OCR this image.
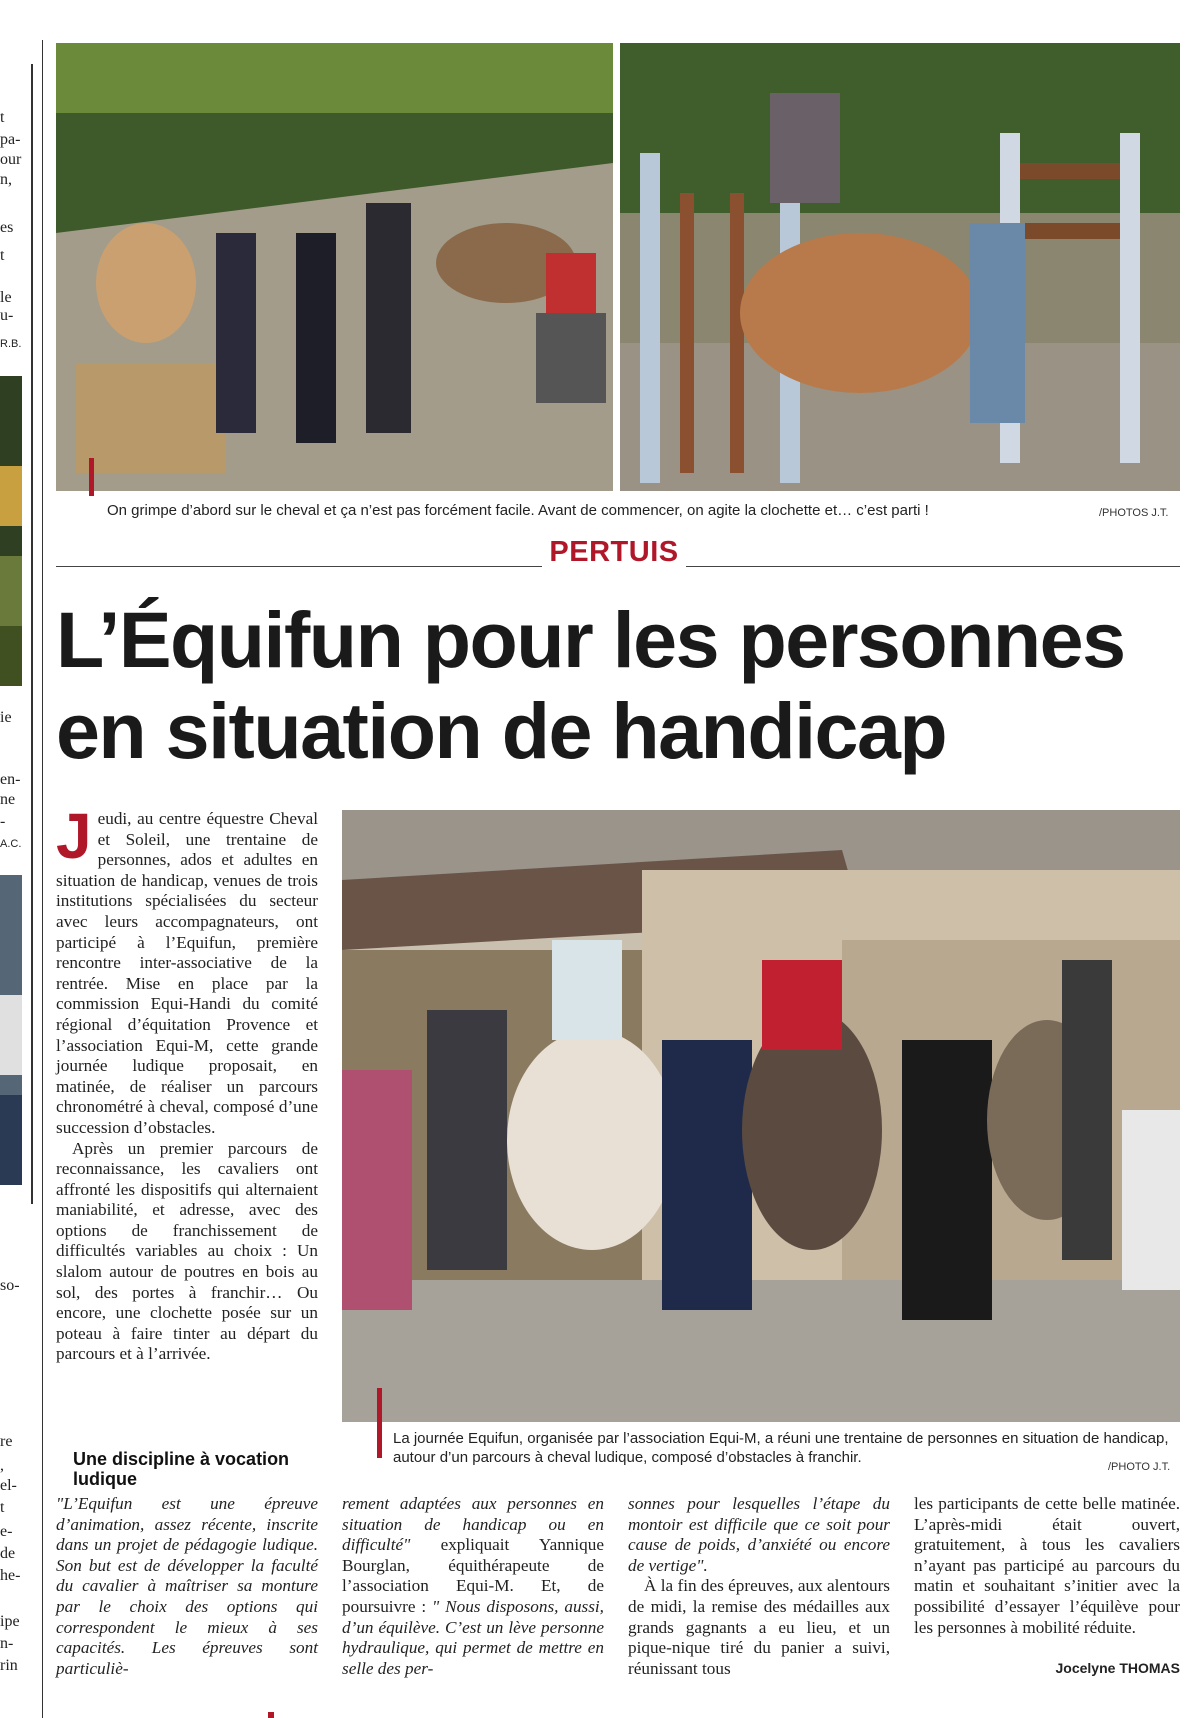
t
pa-
our
n,
es
t
le
u-
R.B.
ie
en-
ne
-
A.C.
so-
re
,
el-
t
e-
de
he-
ipe
n-
rin
On grimpe d’abord sur le cheval et ça n’est pas forcément facile. Avant de commencer, on agite la clochette et… c’est parti !	/PHOTOS J.T.
PERTUIS
L’Équifun pour les personnes
en situation de handicap
La journée Equifun, organisée par l’association Equi-M, a réuni une trentaine de personnes en situation de handicap, autour d’un parcours à cheval ludique, composé d’obstacles à franchir.
/PHOTO J.T.

Jeudi, au centre équestre Cheval et Soleil, une trentaine de personnes, ados et adultes en situation de handicap, venues de trois institutions spécialisées du secteur avec leurs accompagnateurs, ont participé à l’Equifun, première rencontre inter-associative de la rentrée. Mise en place par la commission Equi-Handi du comité régional d’équitation Provence et l’association Equi-M, cette grande journée ludique proposait, en matinée, de réaliser un parcours chronométré à cheval, composé d’une succession d’obstacles.

Après un premier parcours de reconnaissance, les cavaliers ont affronté les dispositifs qui alternaient maniabilité, et adresse, avec des options de franchissement de difficultés variables au choix : Un slalom autour de poutres en bois au sol, des portes à franchir… Ou encore, une clochette posée sur un poteau à faire tinter au départ du parcours et à l’arrivée.

Une discipline à vocation ludique
"L’Equifun est une épreuve d’animation, assez récente, inscrite dans un projet de pédagogie ludique. Son but est de développer la faculté du cavalier à maîtriser sa monture par le choix des options qui correspondent le mieux à ses capacités. Les épreuves sont particuliè-
rement adaptées aux personnes en situation de handicap ou en difficulté" expliquait Yannique Bourglan, équithérapeute de l’association Equi-M. Et, de poursuivre : " Nous disposons, aussi, d’un équilève. C’est un lève personne hydraulique, qui permet de mettre en selle des per-

sonnes pour lesquelles l’étape du montoir est difficile que ce soit pour cause de poids, d’anxiété ou encore de vertige".

À la fin des épreuves, aux alentours de midi, la remise des médailles aux grands gagnants a eu lieu, et un pique-nique tiré du panier a suivi, réunissant tous

les participants de cette belle matinée. L’après-midi était ouvert, gratuitement, à tous les cavaliers n’ayant pas participé au parcours du matin et souhaitant s’initier avec la possibilité d’essayer l’équilève pour les personnes à mobilité réduite.
Jocelyne THOMAS
